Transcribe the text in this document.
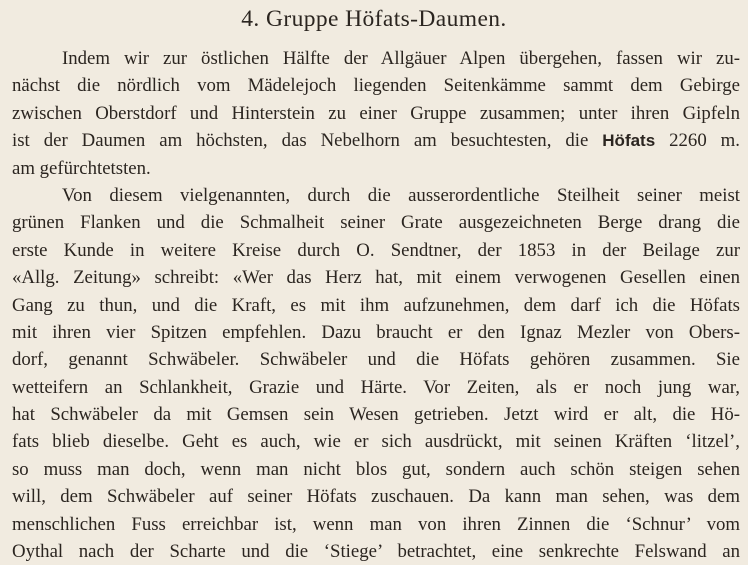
4. Gruppe Höfats-Daumen.
Indem wir zur östlichen Hälfte der Allgäuer Alpen übergehen, fassen wir zu-
nächst die nördlich vom Mädelejoch liegenden Seitenkämme sammt dem Gebirge
zwischen Oberstdorf und Hinterstein zu einer Gruppe zusammen; unter ihren Gipfeln
ist der Daumen am höchsten, das Nebelhorn am besuchtesten, die Höfats 2260 m.
am gefürchtetsten.
Von diesem vielgenannten, durch die ausserordentliche Steilheit seiner meist
grünen Flanken und die Schmalheit seiner Grate ausgezeichneten Berge drang die
erste Kunde in weitere Kreise durch O. Sendtner, der 1853 in der Beilage zur
«Allg. Zeitung» schreibt: «Wer das Herz hat, mit einem verwogenen Gesellen einen
Gang zu thun, und die Kraft, es mit ihm aufzunehmen, dem darf ich die Höfats
mit ihren vier Spitzen empfehlen. Dazu braucht er den Ignaz Mezler von Obers-
dorf, genannt Schwäbeler. Schwäbeler und die Höfats gehören zusammen. Sie
wetteifern an Schlankheit, Grazie und Härte. Vor Zeiten, als er noch jung war,
hat Schwäbeler da mit Gemsen sein Wesen getrieben. Jetzt wird er alt, die Hö-
fats blieb dieselbe. Geht es auch, wie er sich ausdrückt, mit seinen Kräften ‘litzel’,
so muss man doch, wenn man nicht blos gut, sondern auch schön steigen sehen
will, dem Schwäbeler auf seiner Höfats zuschauen. Da kann man sehen, was dem
menschlichen Fuss erreichbar ist, wenn man von ihren Zinnen die ‘Schnur’ vom
Oythal nach der Scharte und die ‘Stiege’ betrachtet, eine senkrechte Felswand an
